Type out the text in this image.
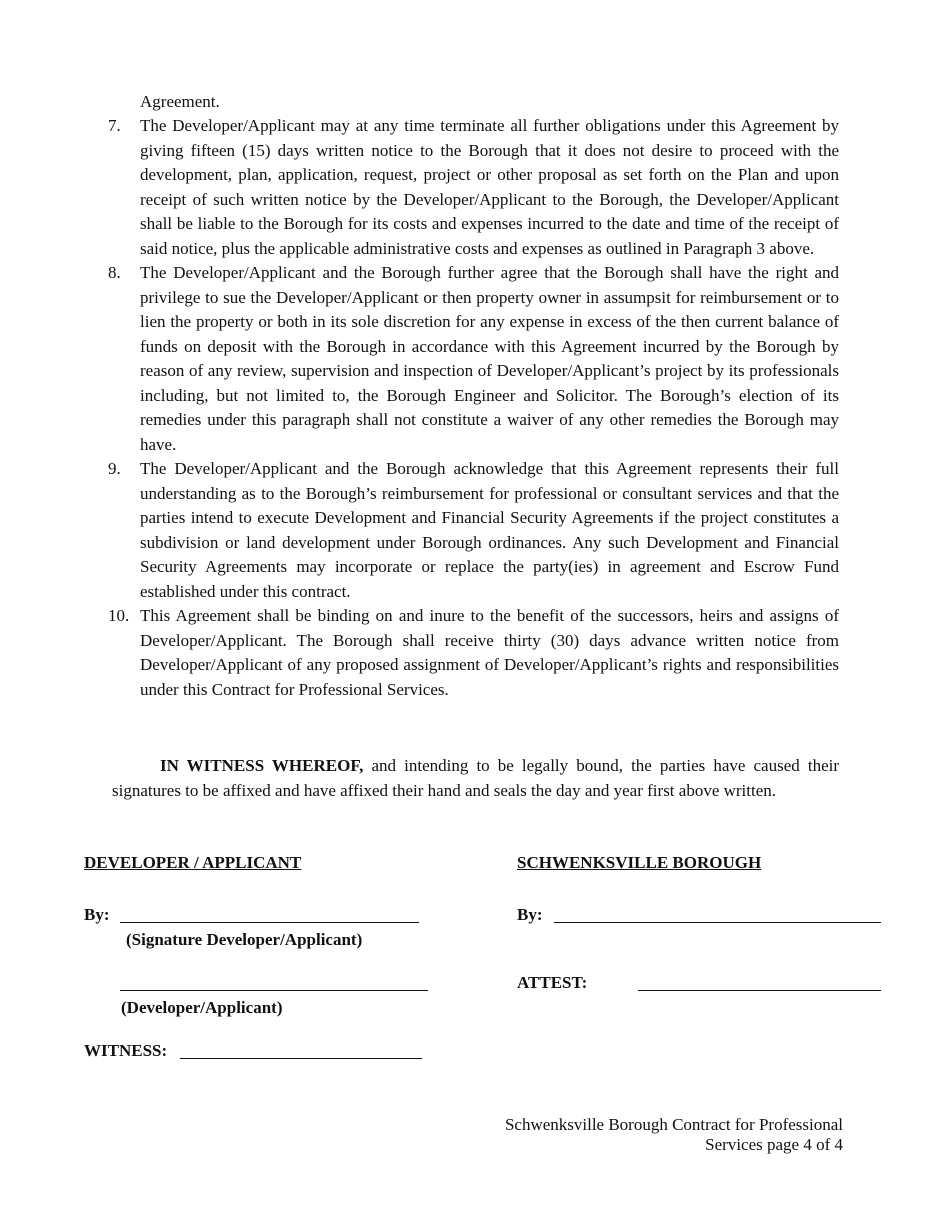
Agreement.
7. The Developer/Applicant may at any time terminate all further obligations under this Agreement by giving fifteen (15) days written notice to the Borough that it does not desire to proceed with the development, plan, application, request, project or other proposal as set forth on the Plan and upon receipt of such written notice by the Developer/Applicant to the Borough, the Developer/Applicant shall be liable to the Borough for its costs and expenses incurred to the date and time of the receipt of said notice, plus the applicable administrative costs and expenses as outlined in Paragraph 3 above.
8. The Developer/Applicant and the Borough further agree that the Borough shall have the right and privilege to sue the Developer/Applicant or then property owner in assumpsit for reimbursement or to lien the property or both in its sole discretion for any expense in excess of the then current balance of funds on deposit with the Borough in accordance with this Agreement incurred by the Borough by reason of any review, supervision and inspection of Developer/Applicant’s project by its professionals including, but not limited to, the Borough Engineer and Solicitor. The Borough’s election of its remedies under this paragraph shall not constitute a waiver of any other remedies the Borough may have.
9. The Developer/Applicant and the Borough acknowledge that this Agreement represents their full understanding as to the Borough’s reimbursement for professional or consultant services and that the parties intend to execute Development and Financial Security Agreements if the project constitutes a subdivision or land development under Borough ordinances. Any such Development and Financial Security Agreements may incorporate or replace the party(ies) in agreement and Escrow Fund established under this contract.
10. This Agreement shall be binding on and inure to the benefit of the successors, heirs and assigns of Developer/Applicant. The Borough shall receive thirty (30) days advance written notice from Developer/Applicant of any proposed assignment of Developer/Applicant’s rights and responsibilities under this Contract for Professional Services.

IN WITNESS WHEREOF, and intending to be legally bound, the parties have caused their signatures to be affixed and have affixed their hand and seals the day and year first above written.

DEVELOPER / APPLICANT
By:
(Signature Developer/Applicant)
(Developer/Applicant)
WITNESS:
SCHWENKSVILLE BOROUGH
By:
ATTEST:
Schwenksville Borough Contract for Professional
Services page 4 of 4
